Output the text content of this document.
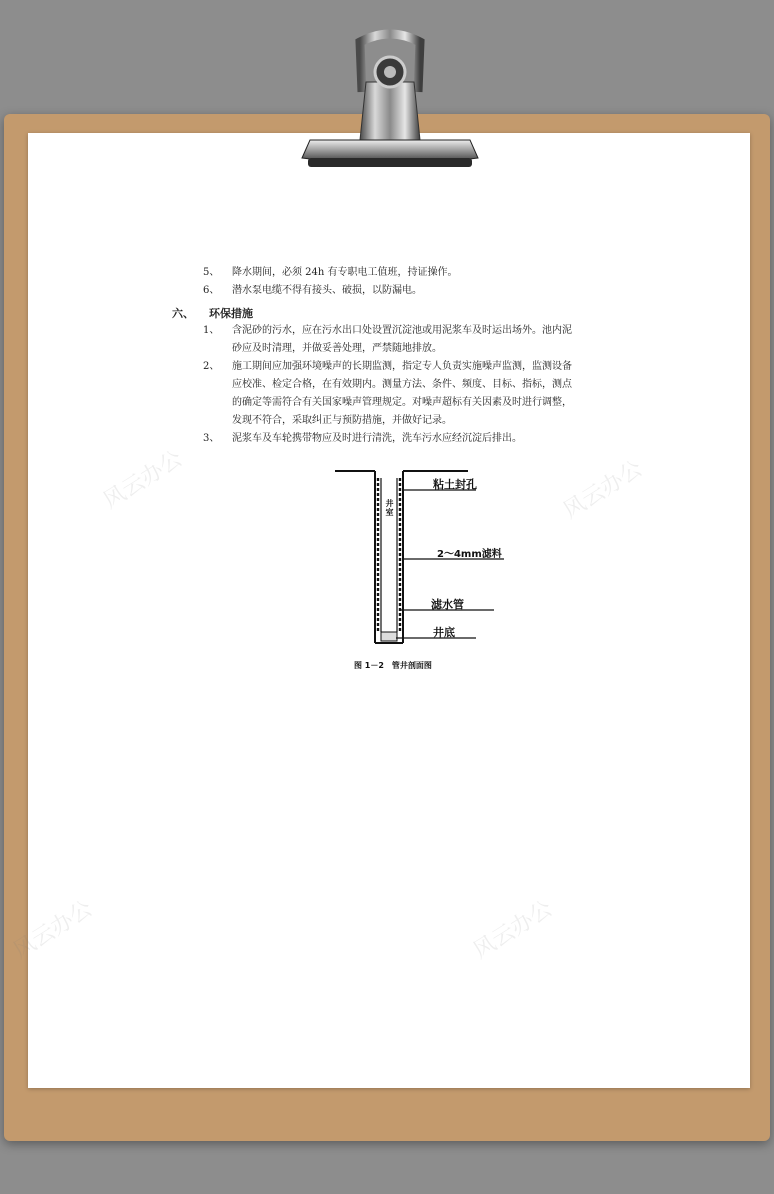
5、 降水期间，必须 24h 有专职电工值班，持证操作。
6、 潜水泵电缆不得有接头、破损，以防漏电。
六、 环保措施
1、 含泥砂的污水，应在污水出口处设置沉淀池或用泥浆车及时运出场外。池内泥
砂应及时清理，并做妥善处理，严禁随地排放。
2、 施工期间应加强环境噪声的长期监测，指定专人负责实施噪声监测，监测设备
应校准、检定合格，在有效期内。测量方法、条件、频度、目标、指标，测点
的确定等需符合有关国家噪声管理规定。对噪声超标有关因素及时进行调整，
发现不符合，采取纠正与预防措施，并做好记录。
3、 泥浆车及车轮携带物应及时进行清洗，洗车污水应经沉淀后排出。
井室
粘土封孔
2～4mm滤料
滤水管
井底
图 1－2　管井剖面图
风云办公	风云办公
风云办公	风云办公
